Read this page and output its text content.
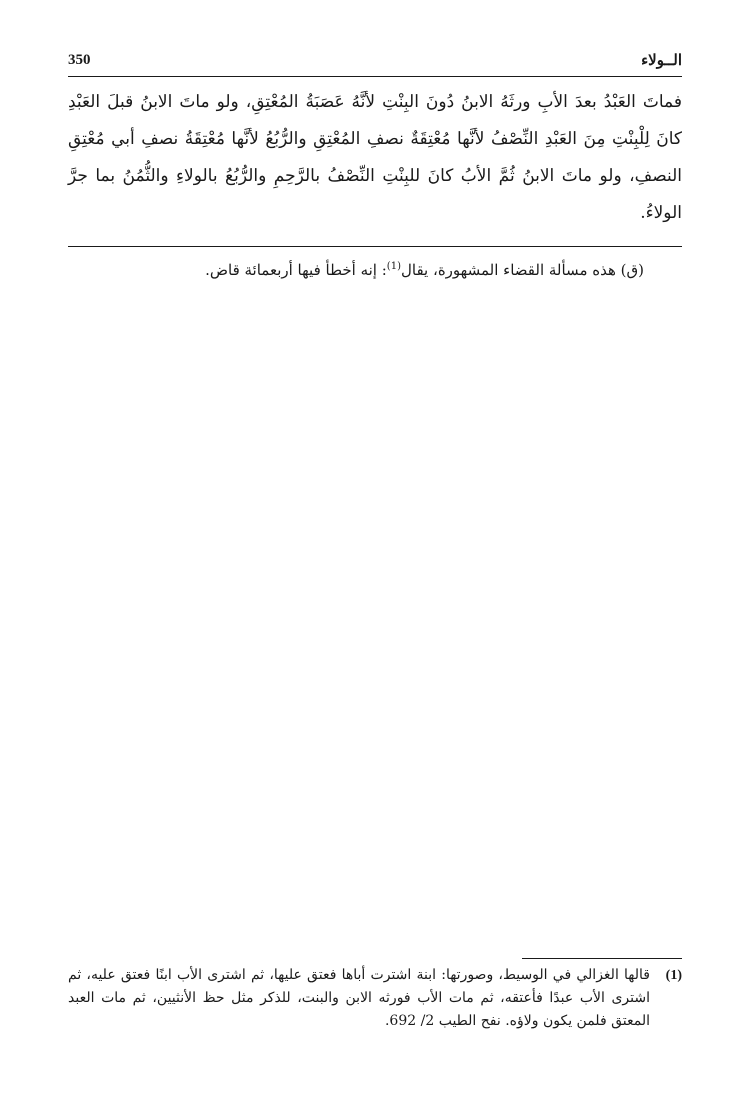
350	الــولاء

فماتَ العَبْدُ بعدَ الأبِ ورثَهُ الابنُ دُونَ البِنْتِ لأنَّهُ عَصَبَةُ المُعْتِقِ، ولو ماتَ الابنُ قبلَ العَبْدِ كانَ لِلْبِنْتِ مِنَ العَبْدِ النِّصْفُ لأنَّها مُعْتِقَةٌ نصفِ المُعْتِقِ والرُّبُعُ لأنَّها مُعْتِقَةُ نصفِ أبي مُعْتِقِ النصفِ، ولو ماتَ الابنُ ثُمَّ الأبُ كانَ للبِنْتِ النِّصْفُ بالرَّحِمِ والرُّبُعُ بالولاءِ والثُّمُنُ بما جرَّ الولاءُ.

(ق) هذه مسألة القضاء المشهورة، يقال$^{(1)}$: إنه أخطأ فيها أربعمائة قاض.

(1)
قالها الغزالي في الوسيط، وصورتها: ابنة اشترت أباها فعتق عليها، ثم اشترى الأب ابنًا فعتق عليه، ثم اشترى الأب عبدًا فأعتقه، ثم مات الأب فورثه الابن والبنت، للذكر مثل حظ الأنثيين، ثم مات العبد المعتق فلمن يكون ولاؤه. نفح الطيب 2/ 692.
